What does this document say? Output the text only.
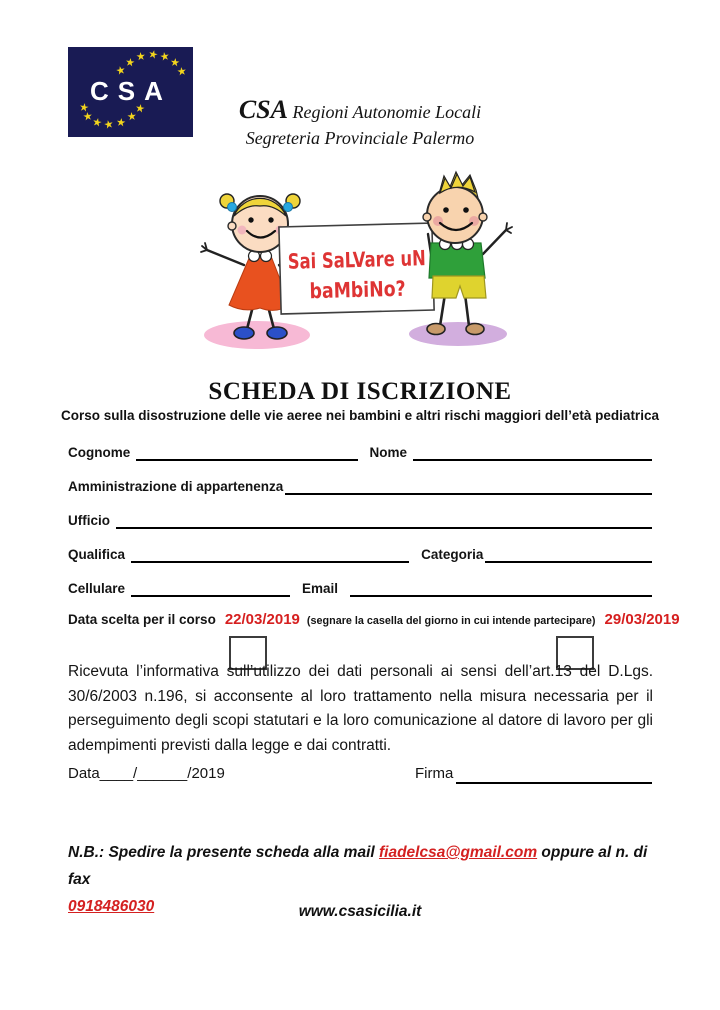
CSA
★
★ ★ ★ ★
★
★
★
★
★ ★ ★ ★
★	CSA Regioni Autonomie Locali
Segreteria Provinciale Palermo
Sai SaLVare uN
baMbiNo?
SCHEDA DI ISCRIZIONE
Corso sulla disostruzione delle vie aeree nei bambini e altri rischi maggiori dell’età pediatrica
Cognome	Nome
Amministrazione di appartenenza
Ufficio
Qualifica	Categoria
Cellulare	Email
Data scelta per il corso 22/03/2019 (segnare la casella del giorno in cui intende partecipare) 29/03/2019
Ricevuta l’informativa sull’utilizzo dei dati personali ai sensi dell’art.13 del D.Lgs. 30/6/2003 n.196, si acconsente al loro trattamento nella misura necessaria per il perseguimento degli scopi statutari e la loro comunicazione al datore di lavoro per gli adempimenti previsti dalla legge e dai contratti.
Data____/______/2019	Firma
N.B.: Spedire la presente scheda alla mail fiadelcsa@gmail.com oppure al n. di fax
0918486030	www.csasicilia.it
